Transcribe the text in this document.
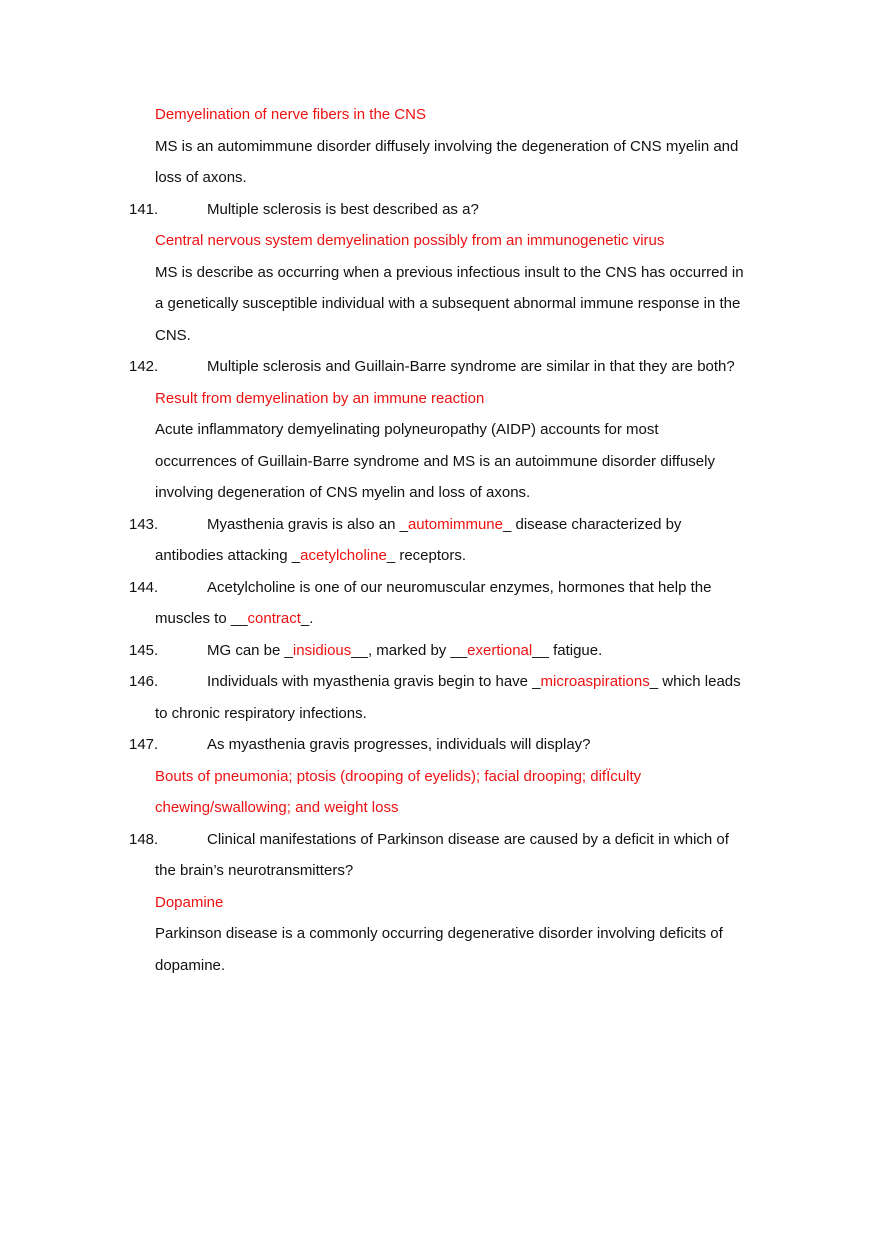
Demyelination of nerve fibers in the CNS
MS is an automimmune disorder diffusely involving the degeneration of CNS myelin and
loss of axons.
141.	Multiple sclerosis is best described as a?
Central nervous system demyelination possibly from an immunogenetic virus
MS is describe as occurring when a previous infectious insult to the CNS has occurred in
a genetically susceptible individual with a subsequent abnormal immune response in the
CNS.
142.	Multiple sclerosis and Guillain-Barre syndrome are similar in that they are both?
Result from demyelination by an immune reaction
Acute inflammatory demyelinating polyneuropathy (AIDP) accounts for most
occurrences of Guillain-Barre syndrome and MS is an autoimmune disorder diffusely
involving degeneration of CNS myelin and loss of axons.
143.	Myasthenia gravis is also an _automimmune_ disease characterized by
antibodies attacking _acetylcholine_ receptors.
144.	Acetylcholine is one of our neuromuscular enzymes, hormones that help the
muscles to __contract_.
145.	MG can be _insidious__, marked by __exertional__ fatigue.
146.	Individuals with myasthenia gravis begin to have _microaspirations_ which leads
to chronic respiratory infections.
147.	As myasthenia gravis progresses, individuals will display?
Bouts of pneumonia; ptosis (drooping of eyelids); facial drooping; difÏculty
chewing/swallowing; and weight loss
148.	Clinical manifestations of Parkinson disease are caused by a deficit in which of
the brain’s neurotransmitters?
Dopamine
Parkinson disease is a commonly occurring degenerative disorder involving deficits of
dopamine.
